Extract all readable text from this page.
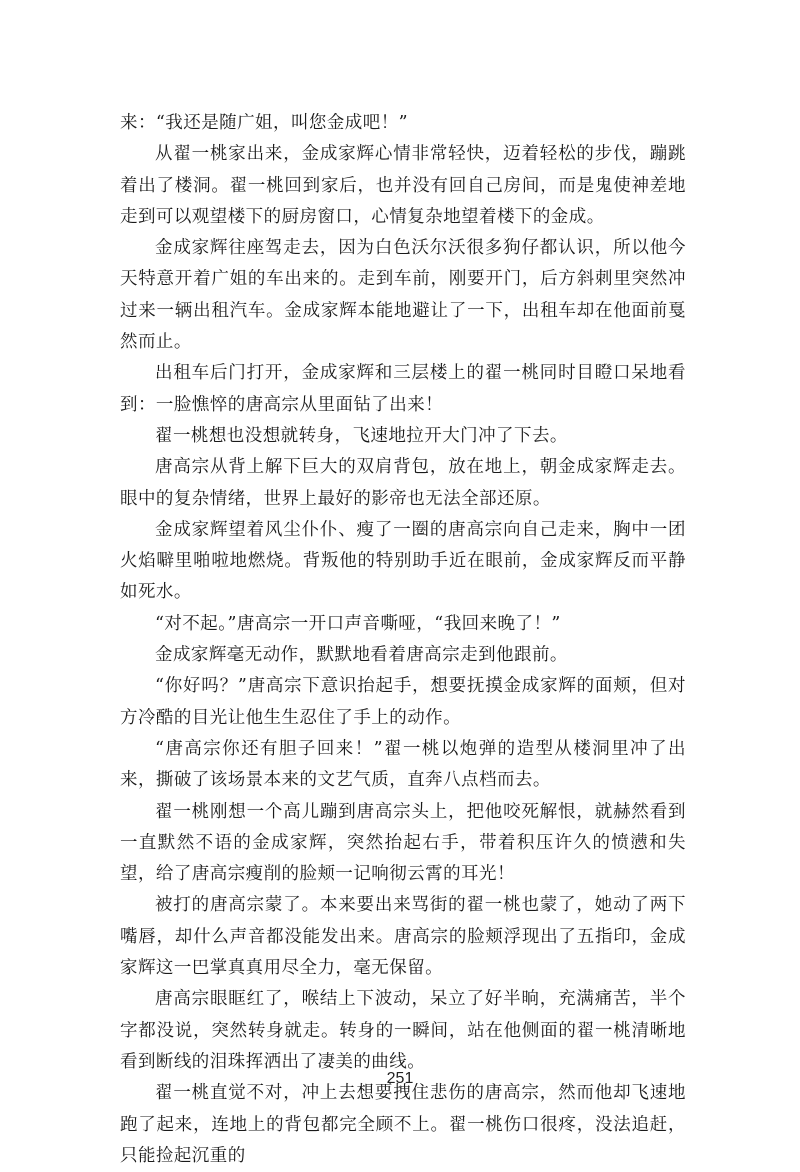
来：“我还是随广姐，叫您金成吧！”

从翟一桃家出来，金成家辉心情非常轻快，迈着轻松的步伐，蹦跳着出了楼洞。翟一桃回到家后，也并没有回自己房间，而是鬼使神差地走到可以观望楼下的厨房窗口，心情复杂地望着楼下的金成。

金成家辉往座驾走去，因为白色沃尔沃很多狗仔都认识，所以他今天特意开着广姐的车出来的。走到车前，刚要开门，后方斜刺里突然冲过来一辆出租汽车。金成家辉本能地避让了一下，出租车却在他面前戛然而止。

出租车后门打开，金成家辉和三层楼上的翟一桃同时目瞪口呆地看到：一脸憔悴的唐高宗从里面钻了出来！

翟一桃想也没想就转身，飞速地拉开大门冲了下去。

唐高宗从背上解下巨大的双肩背包，放在地上，朝金成家辉走去。眼中的复杂情绪，世界上最好的影帝也无法全部还原。

金成家辉望着风尘仆仆、瘦了一圈的唐高宗向自己走来，胸中一团火焰噼里啪啦地燃烧。背叛他的特别助手近在眼前，金成家辉反而平静如死水。

“对不起。”唐高宗一开口声音嘶哑，“我回来晚了！”

金成家辉毫无动作，默默地看着唐高宗走到他跟前。

“你好吗？”唐高宗下意识抬起手，想要抚摸金成家辉的面颊，但对方冷酷的目光让他生生忍住了手上的动作。

“唐高宗你还有胆子回来！”翟一桃以炮弹的造型从楼洞里冲了出来，撕破了该场景本来的文艺气质，直奔八点档而去。

翟一桃刚想一个高儿蹦到唐高宗头上，把他咬死解恨，就赫然看到一直默然不语的金成家辉，突然抬起右手，带着积压许久的愤懑和失望，给了唐高宗瘦削的脸颊一记响彻云霄的耳光！

被打的唐高宗蒙了。本来要出来骂街的翟一桃也蒙了，她动了两下嘴唇，却什么声音都没能发出来。唐高宗的脸颊浮现出了五指印，金成家辉这一巴掌真真用尽全力，毫无保留。

唐高宗眼眶红了，喉结上下波动，呆立了好半晌，充满痛苦，半个字都没说，突然转身就走。转身的一瞬间，站在他侧面的翟一桃清晰地看到断线的泪珠挥洒出了凄美的曲线。

翟一桃直觉不对，冲上去想要拽住悲伤的唐高宗，然而他却飞速地跑了起来，连地上的背包都完全顾不上。翟一桃伤口很疼，没法追赶，只能捡起沉重的

251
